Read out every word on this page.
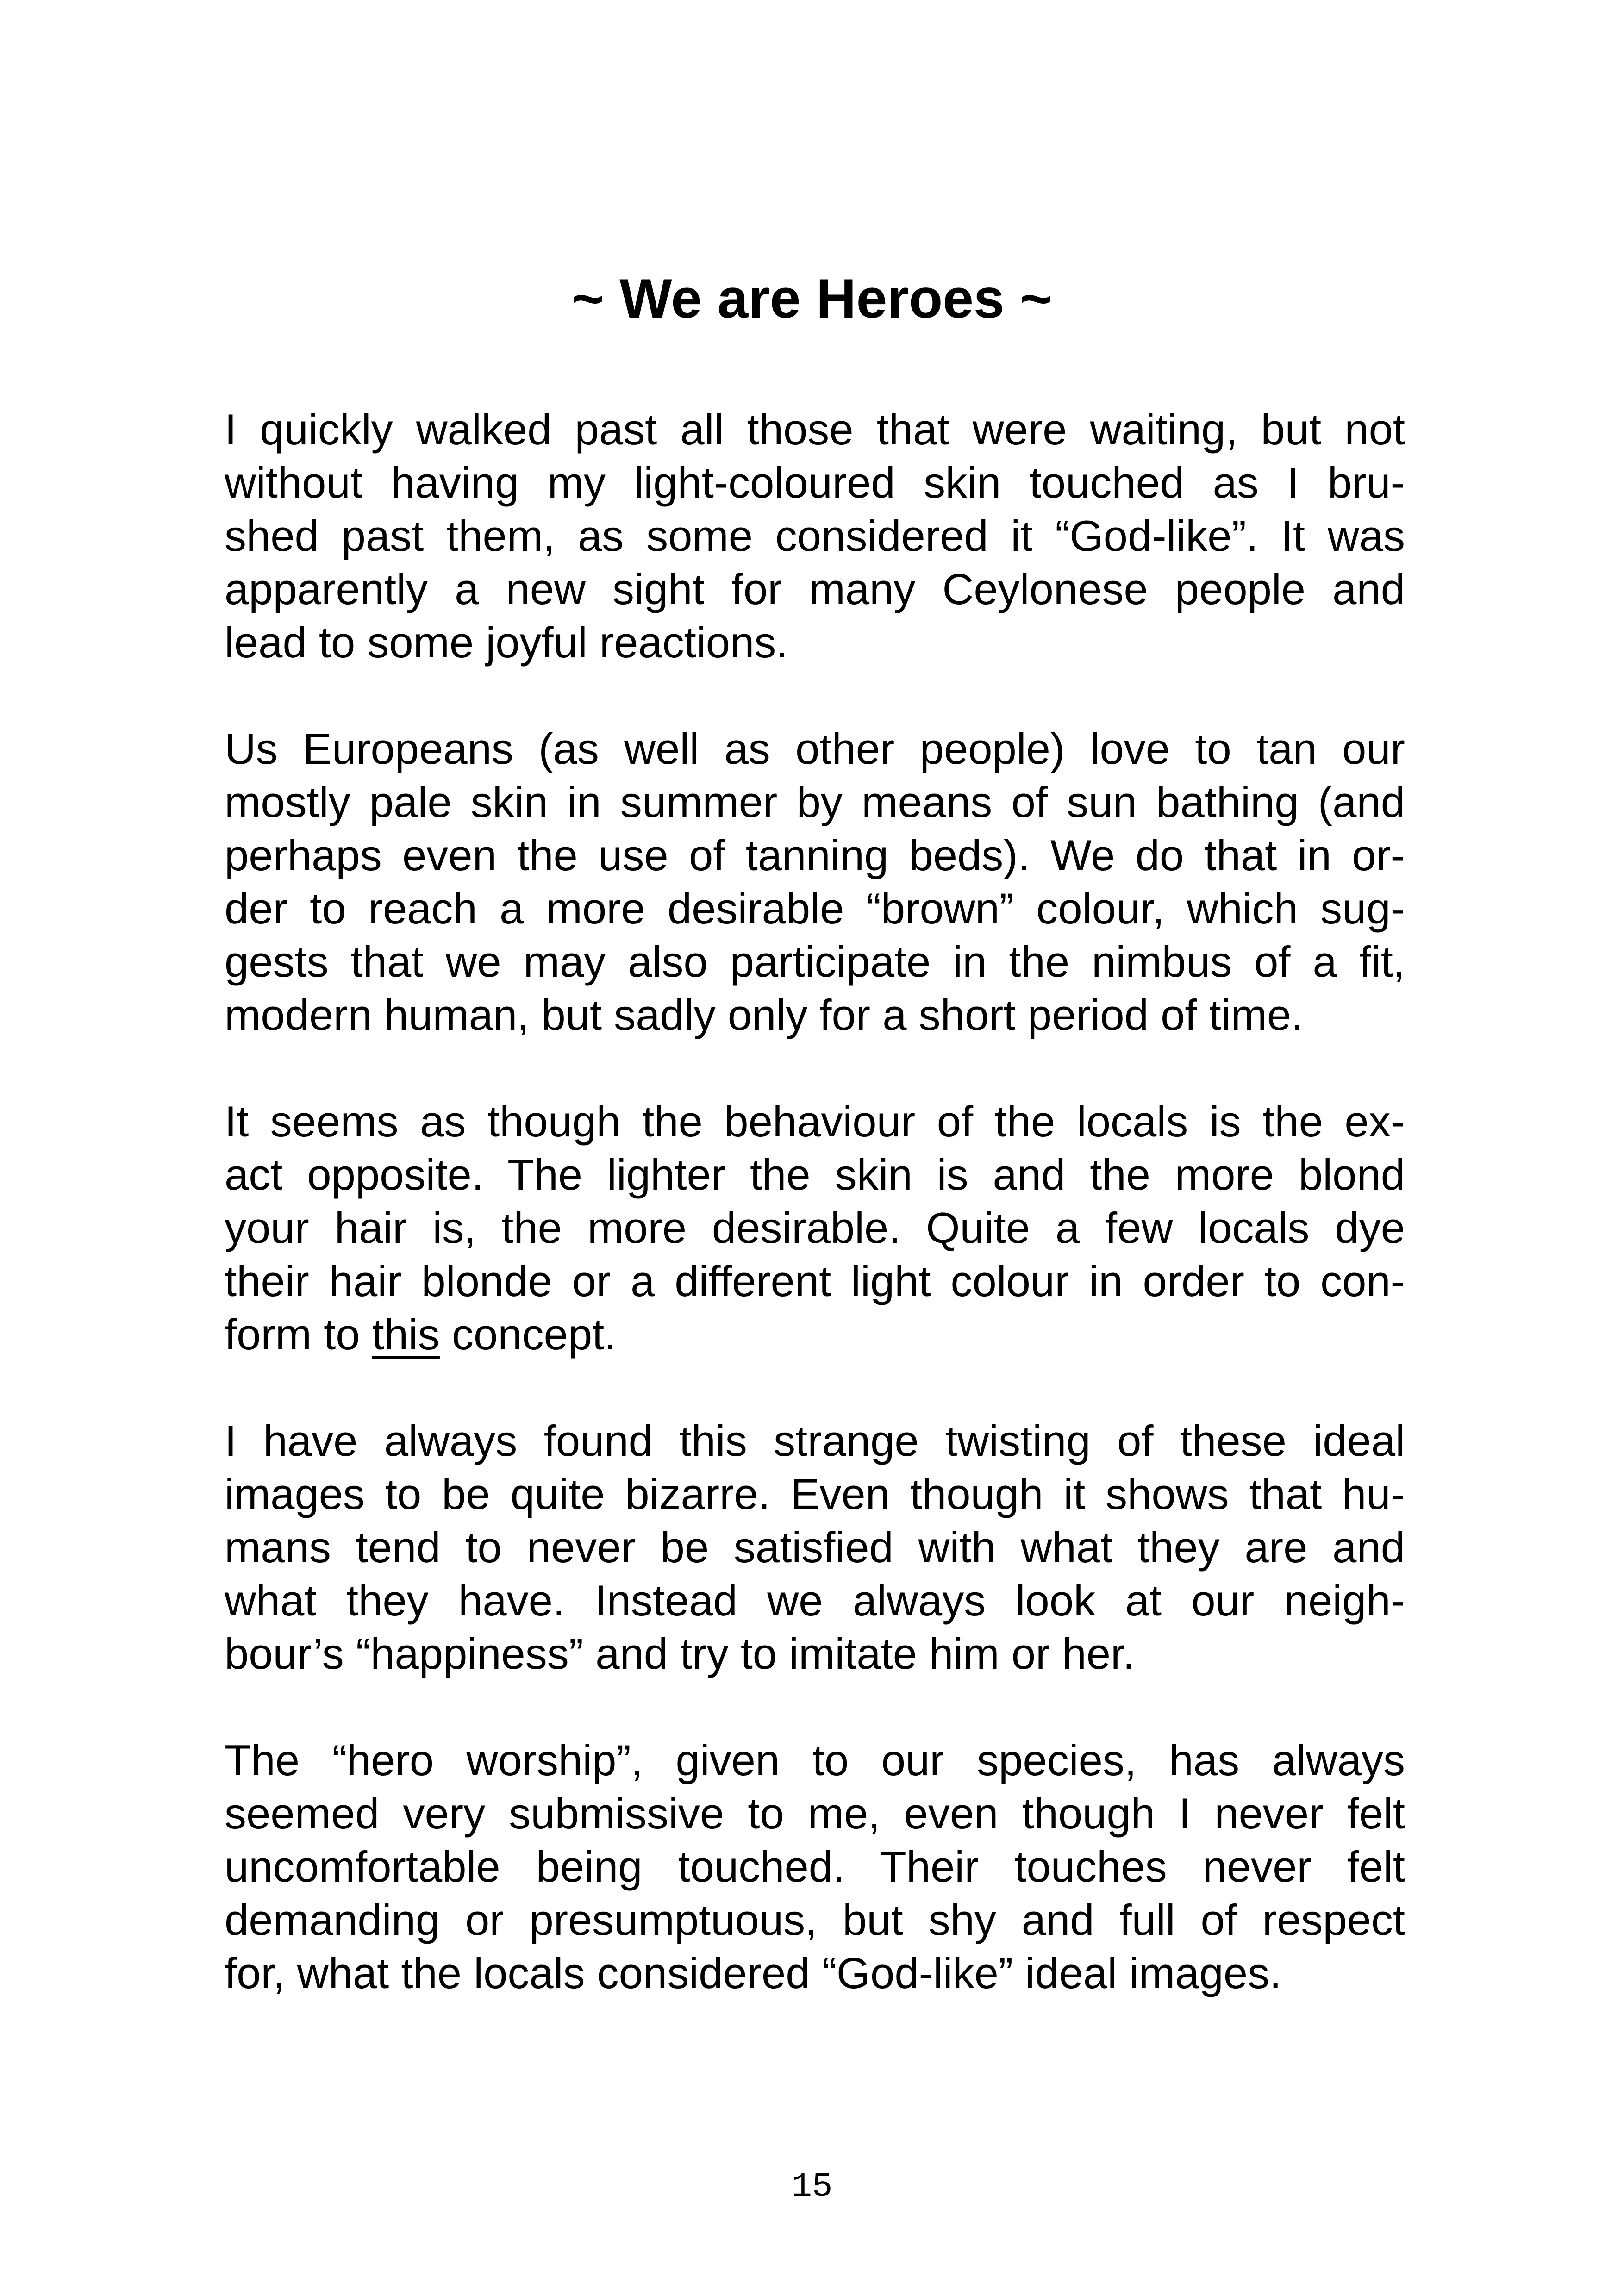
~ We are Heroes ~

I quickly walked past all those that were waiting, but not
without having my light-coloured skin touched as I bru-
shed past them, as some considered it “God-like”. It was
apparently a new sight for many Ceylonese people and
lead to some joyful reactions.

Us Europeans (as well as other people) love to tan our
mostly pale skin in summer by means of sun bathing (and
perhaps even the use of tanning beds). We do that in or-
der to reach a more desirable “brown” colour, which sug-
gests that we may also participate in the nimbus of a fit,
modern human, but sadly only for a short period of time.

It seems as though the behaviour of the locals is the ex-
act opposite. The lighter the skin is and the more blond
your hair is, the more desirable. Quite a few locals dye
their hair blonde or a different light colour in order to con-
form to this concept.

I have always found this strange twisting of these ideal
images to be quite bizarre. Even though it shows that hu-
mans tend to never be satisfied with what they are and
what they have. Instead we always look at our neigh-
bour’s “happiness” and try to imitate him or her.

The “hero worship”, given to our species, has always
seemed very submissive to me, even though I never felt
uncomfortable being touched. Their touches never felt
demanding or presumptuous, but shy and full of respect
for, what the locals considered “God-like” ideal images.

15
